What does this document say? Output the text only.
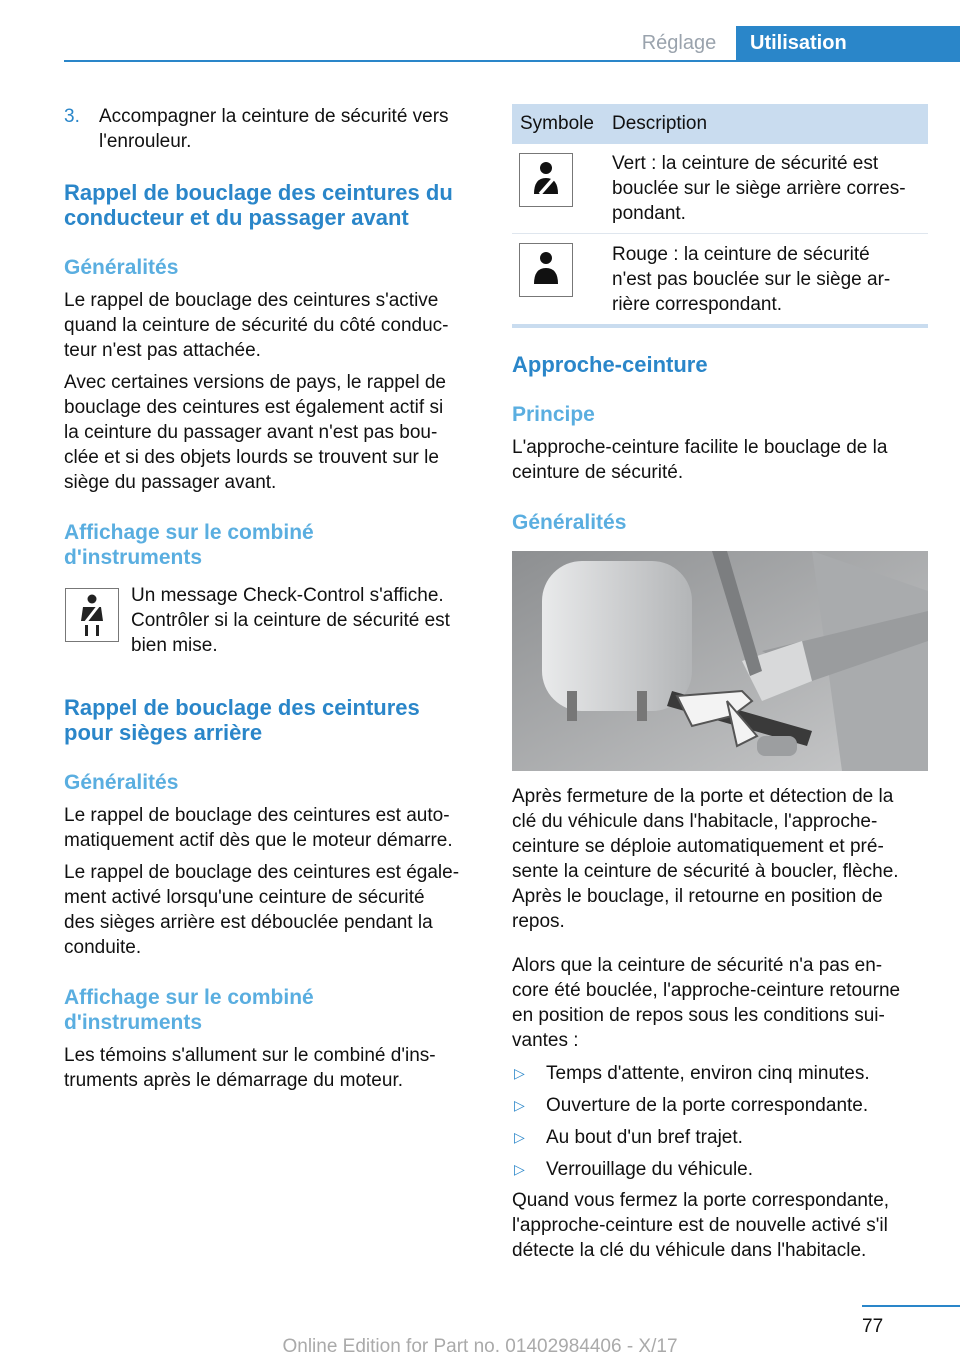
Réglage	Utilisation
3. Accompagner la ceinture de sécurité vers
l'enrouleur.
Rappel de bouclage des ceintures du
conducteur et du passager avant
Généralités
Le rappel de bouclage des ceintures s'active
quand la ceinture de sécurité du côté conduc-
teur n'est pas attachée.
Avec certaines versions de pays, le rappel de
bouclage des ceintures est également actif si
la ceinture du passager avant n'est pas bou-
clée et si des objets lourds se trouvent sur le
siège du passager avant.
Affichage sur le combiné
d'instruments
Un message Check-Control s'affiche.
Contrôler si la ceinture de sécurité est
bien mise.
Rappel de bouclage des ceintures
pour sièges arrière
Généralités
Le rappel de bouclage des ceintures est auto-
matiquement actif dès que le moteur démarre.
Le rappel de bouclage des ceintures est égale-
ment activé lorsqu'une ceinture de sécurité
des sièges arrière est débouclée pendant la
conduite.
Affichage sur le combiné
d'instruments
Les témoins s'allument sur le combiné d'ins-
truments après le démarrage du moteur.
Symbole Description
Vert : la ceinture de sécurité est
bouclée sur le siège arrière corres-
pondant.
Rouge : la ceinture de sécurité
n'est pas bouclée sur le siège ar-
rière correspondant.
Approche-ceinture
Principe
L'approche-ceinture facilite le bouclage de la
ceinture de sécurité.
Généralités
Après fermeture de la porte et détection de la
clé du véhicule dans l'habitacle, l'approche-
ceinture se déploie automatiquement et pré-
sente la ceinture de sécurité à boucler, flèche.
Après le bouclage, il retourne en position de
repos.
Alors que la ceinture de sécurité n'a pas en-
core été bouclée, l'approche-ceinture retourne
en position de repos sous les conditions sui-
vantes :
▷ Temps d'attente, environ cinq minutes.
▷ Ouverture de la porte correspondante.
▷ Au bout d'un bref trajet.
▷ Verrouillage du véhicule.
Quand vous fermez la porte correspondante,
l'approche-ceinture est de nouvelle activé s'il
détecte la clé du véhicule dans l'habitacle.
77
Online Edition for Part no. 01402984406 - X/17
